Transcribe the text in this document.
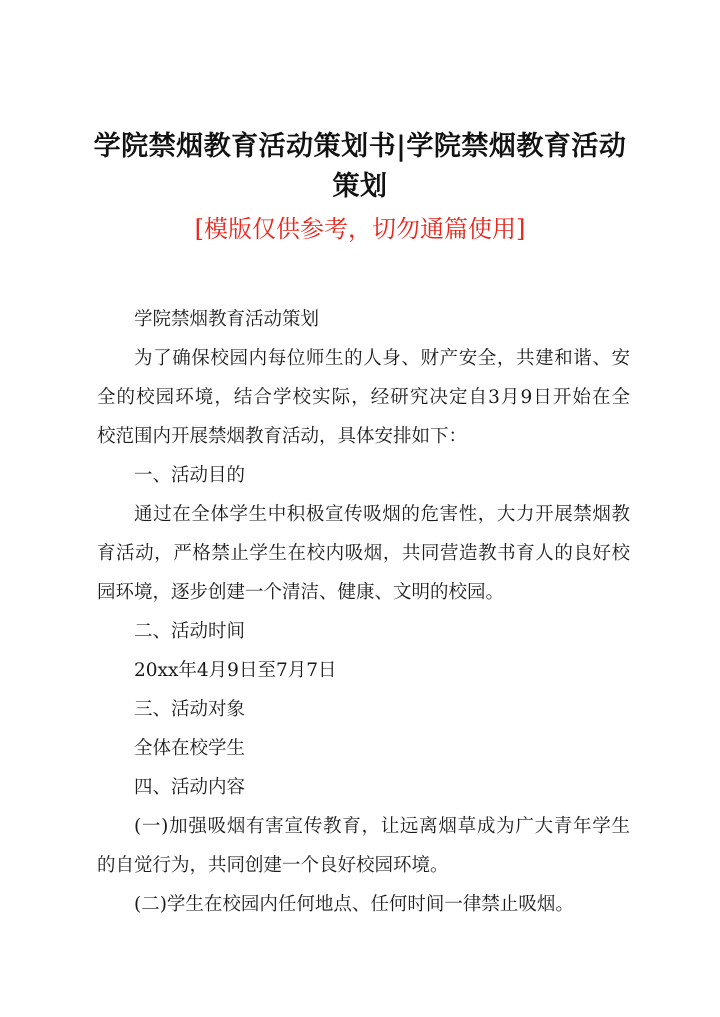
学院禁烟教育活动策划书|学院禁烟教育活动
策划
[模版仅供参考，切勿通篇使用]
学院禁烟教育活动策划
为了确保校园内每位师生的人身、财产安全，共建和谐、安
全的校园环境，结合学校实际，经研究决定自3月9日开始在全
校范围内开展禁烟教育活动，具体安排如下：
一、活动目的
通过在全体学生中积极宣传吸烟的危害性，大力开展禁烟教
育活动，严格禁止学生在校内吸烟，共同营造教书育人的良好校
园环境，逐步创建一个清洁、健康、文明的校园。
二、活动时间
20xx年4月9日至7月7日
三、活动对象
全体在校学生
四、活动内容
(一)加强吸烟有害宣传教育，让远离烟草成为广大青年学生
的自觉行为，共同创建一个良好校园环境。
(二)学生在校园内任何地点、任何时间一律禁止吸烟。
